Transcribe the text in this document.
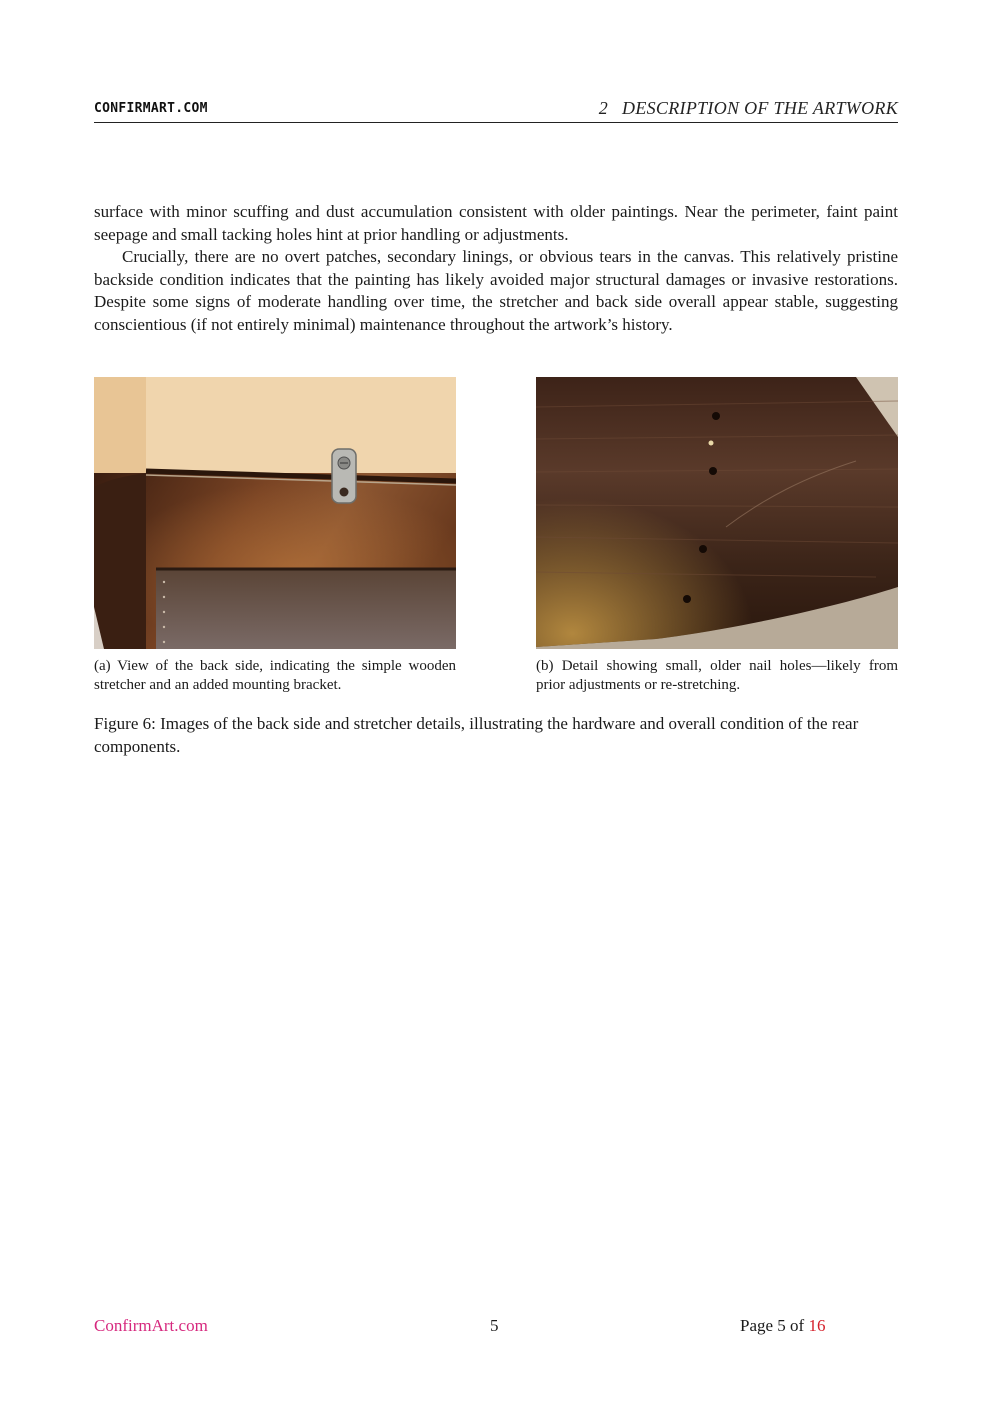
CONFIRMART.COM	2 DESCRIPTION OF THE ARTWORK

surface with minor scuffing and dust accumulation consistent with older paintings. Near the perimeter, faint paint seepage and small tacking holes hint at prior handling or adjustments.

Crucially, there are no overt patches, secondary linings, or obvious tears in the canvas. This relatively pristine backside condition indicates that the painting has likely avoided major structural damages or invasive restorations. Despite some signs of moderate handling over time, the stretcher and back side overall appear stable, suggesting conscientious (if not entirely minimal) maintenance throughout the artwork’s history.

(a) View of the back side, indicating the simple wooden stretcher and an added mounting bracket.
(b) Detail showing small, older nail holes—likely from prior adjustments or re-stretching.
Figure 6: Images of the back side and stretcher details, illustrating the hardware and overall condition of the rear components.
ConfirmArt.com	5	Page 5 of 16
